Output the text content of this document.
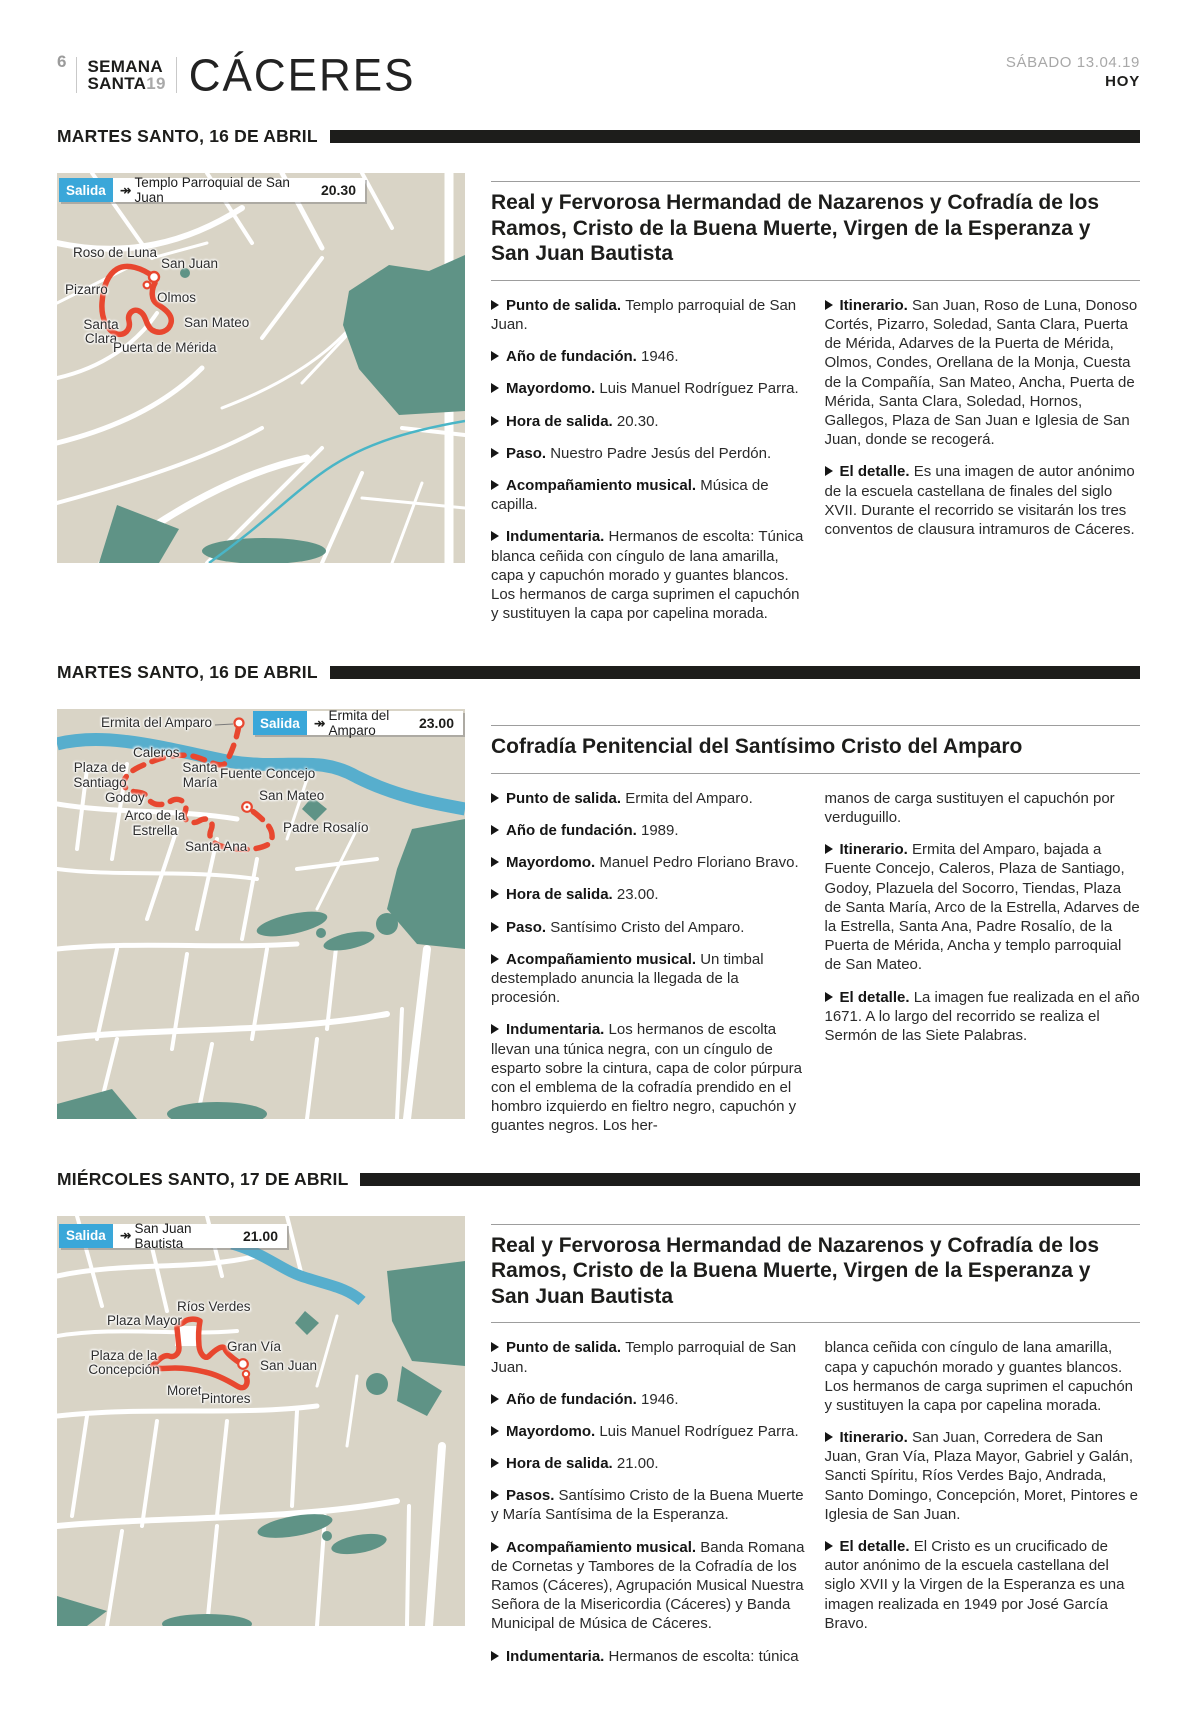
6 SEMANA
SANTA19 CÁCERES	SÁBADO 13.04.19
HOY
MARTES SANTO, 16 DE ABRIL
Roso de Luna
San Juan
Pizarro
Olmos
San Mateo
Santa Clara
Puerta de Mérida
Salida	↠ Templo Parroquial de San Juan	20.30
Real y Fervorosa Hermandad de Nazarenos y Cofradía de los Ramos, Cristo de la Buena Muerte, Virgen de la Esperanza y San Juan Bautista

Punto de salida. Templo parroquial de San Juan.

Año de fundación. 1946.

Mayordomo. Luis Manuel Rodríguez Parra.

Hora de salida. 20.30.

Paso. Nuestro Padre Jesús del Perdón.

Acompañamiento musical. Música de capilla.

Indumentaria. Hermanos de escolta: Túnica blanca ceñida con cíngulo de lana amarilla, capa y capuchón morado y guantes blancos. Los hermanos de carga suprimen el capuchón y sustituyen la capa por capelina morada.

Itinerario. San Juan, Roso de Luna, Donoso Cortés, Pizarro, Soledad, Santa Clara, Puerta de Mérida, Adarves de la Puerta de Mérida, Olmos, Condes, Orellana de la Monja, Cuesta de la Compañía, San Mateo, Ancha, Puerta de Mérida, Santa Clara, Soledad, Hornos, Gallegos, Plaza de San Juan e Iglesia de San Juan, donde se recogerá.

El detalle. Es una imagen de autor anónimo de la escuela castellana de finales del siglo XVII. Durante el recorrido se visitarán los tres conventos de clausura intramuros de Cáceres.

MARTES SANTO, 16 DE ABRIL
Ermita del Amparo
Caleros
Plaza de Santiago
Santa María
Fuente Concejo
Godoy	San Mateo
Arco de la Estrella
Santa Ana
Padre Rosalío
Salida	↠ Ermita del Amparo	23.00
Cofradía Penitencial del Santísimo Cristo del Amparo

Punto de salida. Ermita del Amparo.

Año de fundación. 1989.

Mayordomo. Manuel Pedro Floriano Bravo.

Hora de salida. 23.00.

Paso. Santísimo Cristo del Amparo.

Acompañamiento musical. Un timbal destemplado anuncia la llegada de la procesión.

Indumentaria. Los hermanos de escolta llevan una túnica negra, con un cíngulo de esparto sobre la cintura, capa de color púrpura con el emblema de la cofradía prendido en el hombro izquierdo en fieltro negro, capuchón y guantes negros. Los her-

manos de carga sustituyen el capuchón por verduguillo.

Itinerario. Ermita del Amparo, bajada a Fuente Concejo, Caleros, Plaza de Santiago, Godoy, Plazuela del Socorro, Tiendas, Plaza de Santa María, Arco de la Estrella, Adarves de la Estrella, Santa Ana, Padre Rosalío, de la Puerta de Mérida, Ancha y templo parroquial de San Mateo.

El detalle. La imagen fue realizada en el año 1671. A lo largo del recorrido se realiza el Sermón de las Siete Palabras.

MIÉRCOLES SANTO, 17 DE ABRIL
Ríos Verdes
Plaza Mayor
Gran Vía
Plaza de la Concepción	San Juan
Moret
Pintores
Salida	↠ San Juan Bautista	21.00	Real y Fervorosa Hermandad de Nazarenos y Cofradía de los Ramos, Cristo de la Buena Muerte, Virgen de la Esperanza y San Juan Bautista

Punto de salida. Templo parroquial de San Juan.

Año de fundación. 1946.

Mayordomo. Luis Manuel Rodríguez Parra.

Hora de salida. 21.00.

Pasos. Santísimo Cristo de la Buena Muerte y María Santísima de la Esperanza.

Acompañamiento musical. Banda Romana de Cornetas y Tambores de la Cofradía de los Ramos (Cáceres), Agrupación Musical Nuestra Señora de la Misericordia (Cáceres) y Banda Municipal de Música de Cáceres.

Indumentaria. Hermanos de escolta: túnica

blanca ceñida con cíngulo de lana amarilla, capa y capuchón morado y guantes blancos. Los hermanos de carga suprimen el capuchón y sustituyen la capa por capelina morada.

Itinerario. San Juan, Corredera de San Juan, Gran Vía, Plaza Mayor, Gabriel y Galán, Sancti Spíritu, Ríos Verdes Bajo, Andrada, Santo Domingo, Concepción, Moret, Pintores e Iglesia de San Juan.

El detalle. El Cristo es un crucificado de autor anónimo de la escuela castellana del siglo XVII y la Virgen de la Esperanza es una imagen realizada en 1949 por José García Bravo.
